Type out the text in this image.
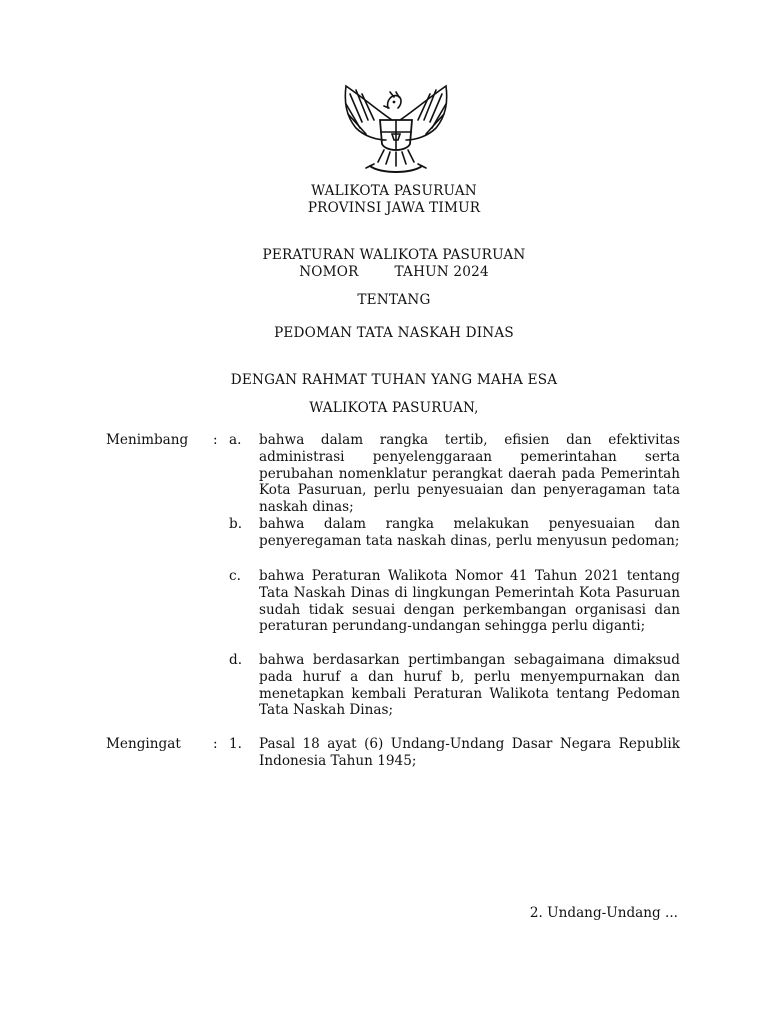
WALIKOTA PASURUAN
PROVINSI JAWA TIMUR
PERATURAN WALIKOTA PASURUAN
NOMOR	TAHUN 2024
TENTANG
PEDOMAN TATA NASKAH DINAS
DENGAN RAHMAT TUHAN YANG MAHA ESA
WALIKOTA PASURUAN,
Menimbang	: a.	bahwa dalam rangka tertib, efisien dan efektivitas administrasi penyelenggaraan pemerintahan serta perubahan nomenklatur perangkat daerah pada Pemerintah Kota Pasuruan, perlu penyesuaian dan penyeragaman tata naskah dinas;
b.	bahwa dalam rangka melakukan penyesuaian dan penyeregaman tata naskah dinas, perlu menyusun pedoman;
c.	bahwa Peraturan Walikota Nomor 41 Tahun 2021 tentang Tata Naskah Dinas di lingkungan Pemerintah Kota Pasuruan sudah tidak sesuai dengan perkembangan organisasi dan peraturan perundang-undangan sehingga perlu diganti;
d.	bahwa berdasarkan pertimbangan sebagaimana dimaksud pada huruf a dan huruf b, perlu menyempurnakan dan menetapkan kembali Peraturan Walikota tentang Pedoman Tata Naskah Dinas;
Mengingat	: 1.	Pasal 18 ayat (6) Undang-Undang Dasar Negara Republik Indonesia Tahun 1945;
2. Undang-Undang ...
